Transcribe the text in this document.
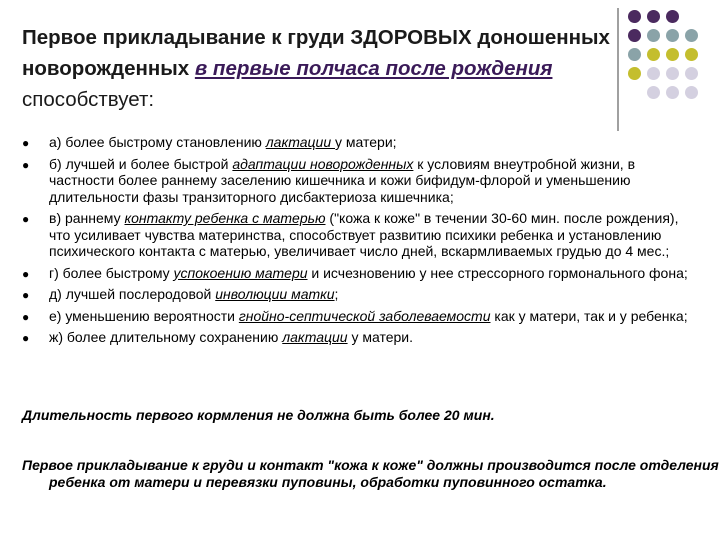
Первое прикладывание к груди ЗДОРОВЫХ доношенных новорожденных в первые полчаса после рождения способствует:
● а) более быстрому становлению лактации у матери;
● б) лучшей и более быстрой адаптации новорожденных к условиям внеутробной жизни, в частности более раннему заселению кишечника и кожи бифидум-флорой и уменьшению длительности фазы транзиторного дисбактериоза кишечника;
● в) раннему контакту ребенка с матерью ("кожа к коже" в течении 30-60 мин. после рождения), что усиливает чувства материнства, способствует развитию психики ребенка и установлению психического контакта с матерью, увеличивает число дней, вскармливаемых грудью до 4 мес.;
● г) более быстрому успокоению матери и исчезновению у нее стрессорного гормонального фона;
● д) лучшей послеродовой инволюции матки;
● е) уменьшению вероятности гнойно-септической заболеваемости как у матери, так и у ребенка;
● ж) более длительному сохранению лактации у матери.
Длительность первого кормления не должна быть более 20 мин.
Первое прикладывание к груди и контакт "кожа к коже" должны производится после отделения ребенка от матери и перевязки пуповины, обработки пуповинного остатка.
